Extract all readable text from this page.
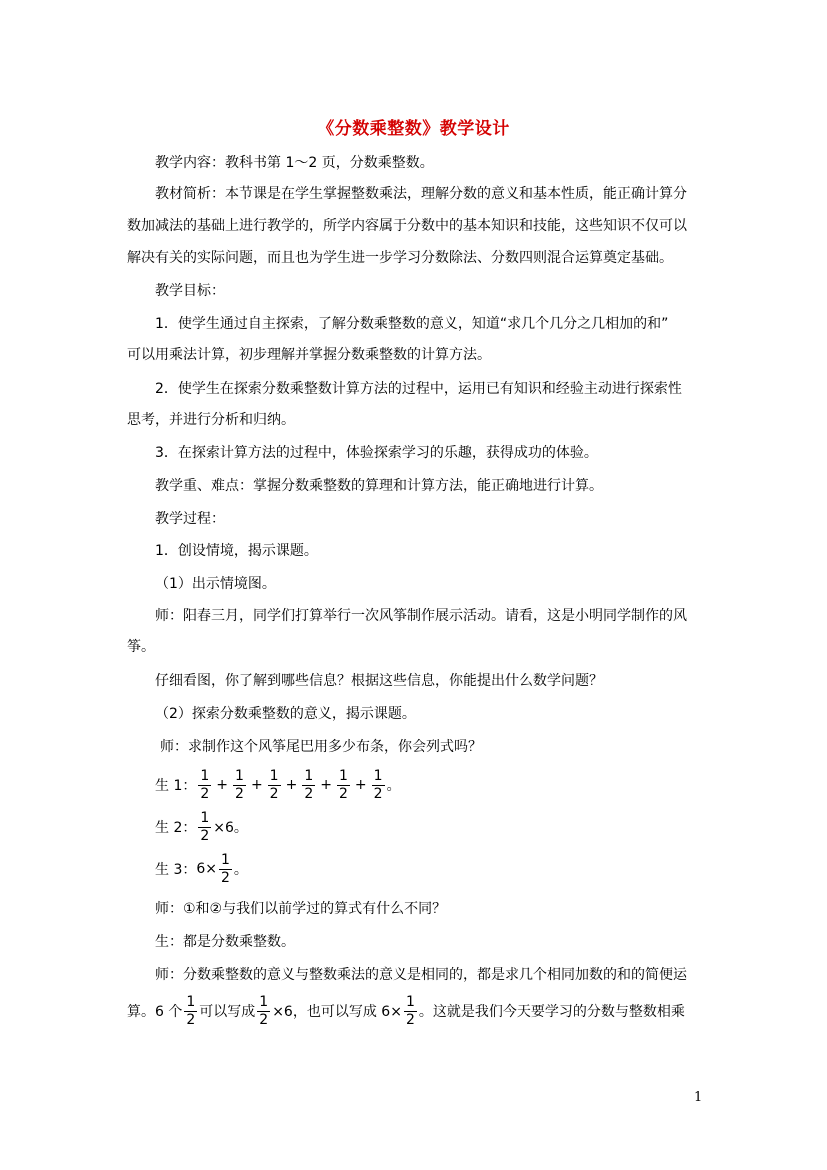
《分数乘整数》教学设计
教学内容：教科书第 1～2 页，分数乘整数。
教材简析：本节课是在学生掌握整数乘法，理解分数的意义和基本性质，能正确计算分
数加减法的基础上进行教学的，所学内容属于分数中的基本知识和技能，这些知识不仅可以
解决有关的实际问题，而且也为学生进一步学习分数除法、分数四则混合运算奠定基础。
教学目标：
1．使学生通过自主探索，了解分数乘整数的意义，知道“求几个几分之几相加的和”
可以用乘法计算，初步理解并掌握分数乘整数的计算方法。
2．使学生在探索分数乘整数计算方法的过程中，运用已有知识和经验主动进行探索性
思考，并进行分析和归纳。
3．在探索计算方法的过程中，体验探索学习的乐趣，获得成功的体验。
教学重、难点：掌握分数乘整数的算理和计算方法，能正确地进行计算。
教学过程：
1．创设情境，揭示课题。
（1）出示情境图。
师：阳春三月，同学们打算举行一次风筝制作展示活动。请看，这是小明同学制作的风
筝。
仔细看图，你了解到哪些信息？根据这些信息，你能提出什么数学问题？
（2）探索分数乘整数的意义，揭示课题。
师：求制作这个风筝尾巴用多少布条，你会列式吗？
生 1： $\frac{1}{2} + \frac{1}{2} + \frac{1}{2} + \frac{1}{2} + \frac{1}{2} + \frac{1}{2}$ 。
生 2： $\frac{1}{2} \times 6$。
生 3： $6\times \frac{1}{2}$ 。
师：①和②与我们以前学过的算式有什么不同？
生：都是分数乘整数。
师：分数乘整数的意义与整数乘法的意义是相同的，都是求几个相同加数的和的简便运
算。6 个 $\frac{1}{2}$ 可以写成 $\frac{1}{2} \times 6$，也可以写成 $6\times \frac{1}{2}$ 。这就是我们今天要学习的分数与整数相乘
1
